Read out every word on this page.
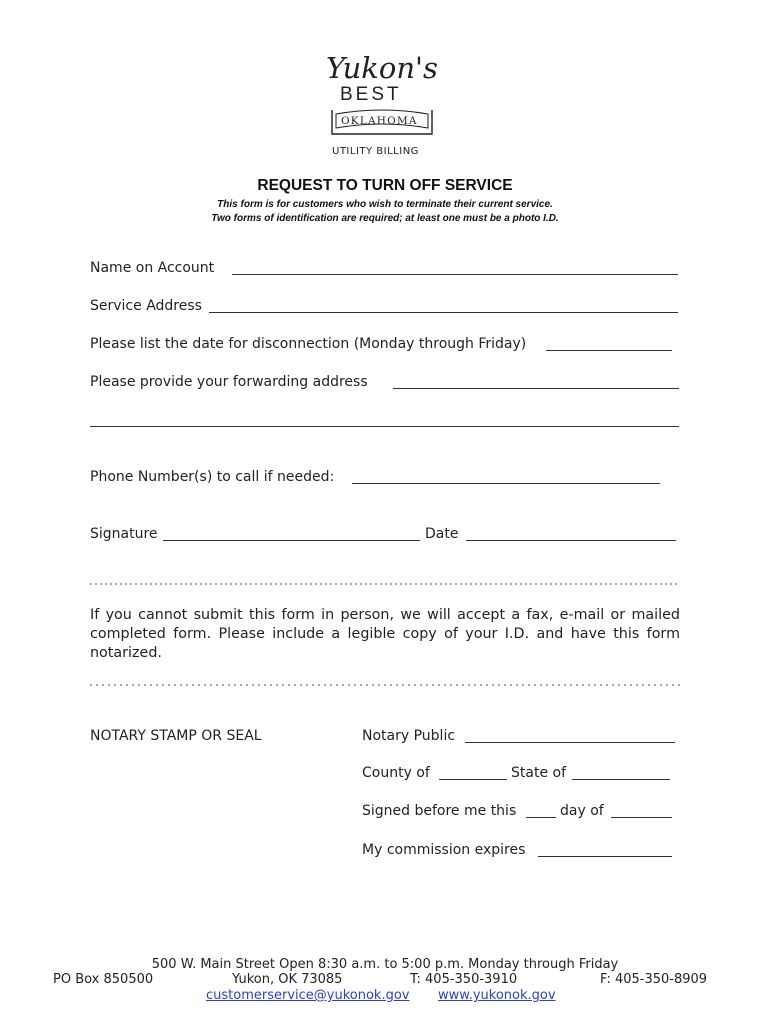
Yukon's
BEST
OKLAHOMA
UTILITY BILLING
REQUEST TO TURN OFF SERVICE
This form is for customers who wish to terminate their current service.
Two forms of identification are required; at least one must be a photo I.D.
Name on Account
Service Address
Please list the date for disconnection (Monday through Friday)
Please provide your forwarding address
Phone Number(s) to call if needed:
Signature	Date
If you cannot submit this form in person, we will accept a fax, e-mail or mailed completed form. Please include a legible copy of your I.D. and have this form notarized.
NOTARY STAMP OR SEAL	Notary Public
County of	State of
Signed before me this	day of
My commission expires
500 W. Main Street Open 8:30 a.m. to 5:00 p.m. Monday through Friday
PO Box 850500	Yukon, OK 73085	T: 405-350-3910	F: 405-350-8909
customerservice@yukonok.gov www.yukonok.gov
